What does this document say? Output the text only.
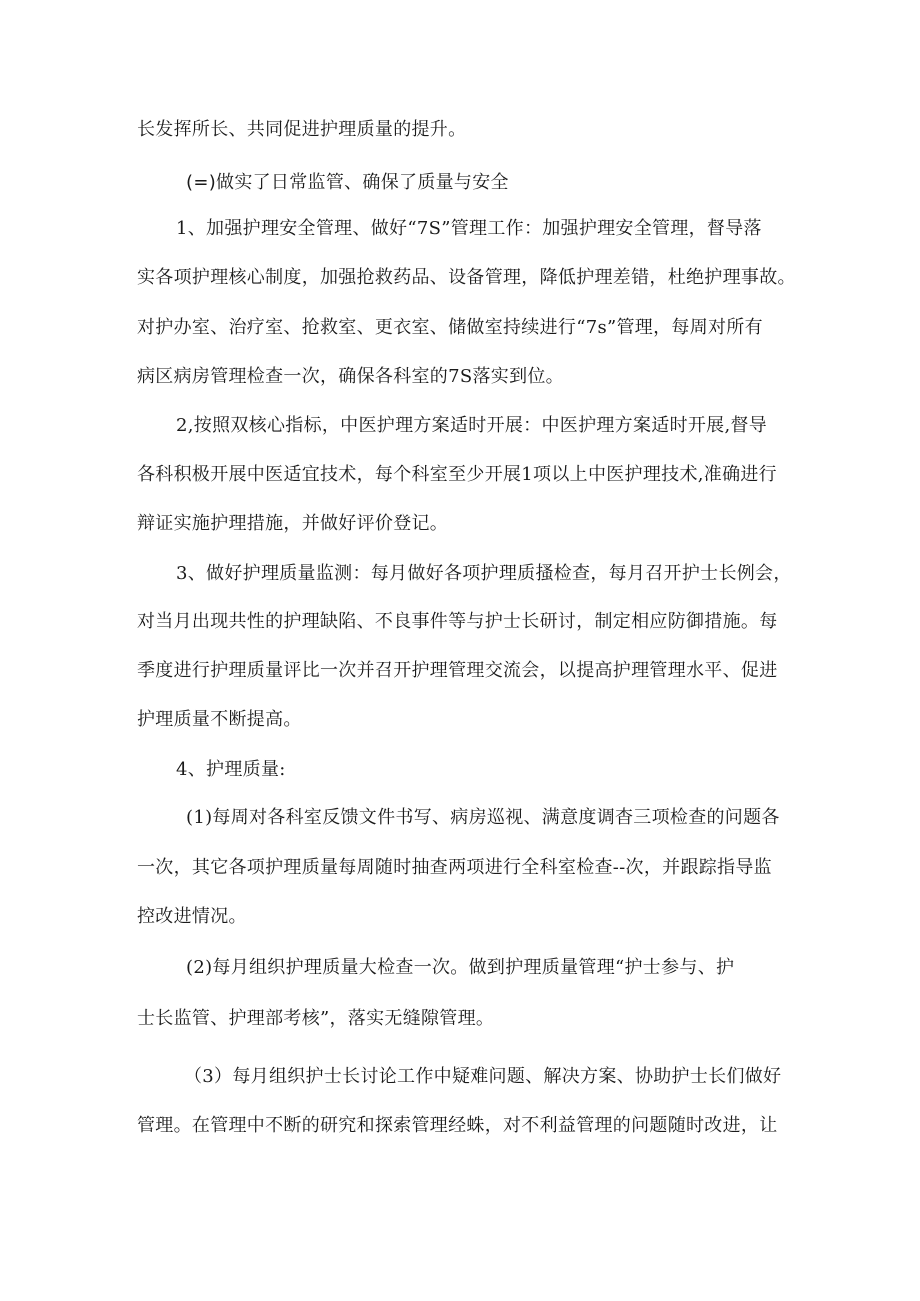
长发挥所长、共同促进护理质量的提升。
(=)做实了日常监管、确保了质量与安全
1、加强护理安全管理、做好“7S”管理工作：加强护理安全管理，督导落
实各项护理核心制度，加强抢救药品、设备管理，降低护理差错，杜绝护理事故。
对护办室、治疗室、抢救室、更衣室、储做室持续进行“7s”管理，每周对所有
病区病房管理检查一次，确保各科室的7S落实到位。
2,按照双核心指标，中医护理方案适时开展：中医护理方案适时开展,督导
各科积极开展中医适宜技术，每个科室至少开展1项以上中医护理技术,准确进行
辩证实施护理措施，并做好评价登记。
3、做好护理质量监测：每月做好各项护理质搔检查，每月召开护士长例会，
对当月出现共性的护理缺陷、不良事件等与护士长研讨，制定相应防御措施。每
季度进行护理质量评比一次并召开护理管理交流会，以提高护理管理水平、促进
护理质量不断提高。
4、护理质量:
(1)每周对各科室反馈文件书写、病房巡视、满意度调杳三项检查的问题各
一次，其它各项护理质量每周随时抽查两项进行全科室检查--次，并跟踪指导监
控改进情况。
(2)每月组织护理质量大检查一次。做到护理质量管理“护士参与、护
士长监管、护理部考核”，落实无缝隙管理。
（3）每月组织护士长讨论工作中疑难问题、解决方案、协助护士长们做好
管理。在管理中不断的研究和探索管理经蛛，对不利益管理的问题随时改进，让
